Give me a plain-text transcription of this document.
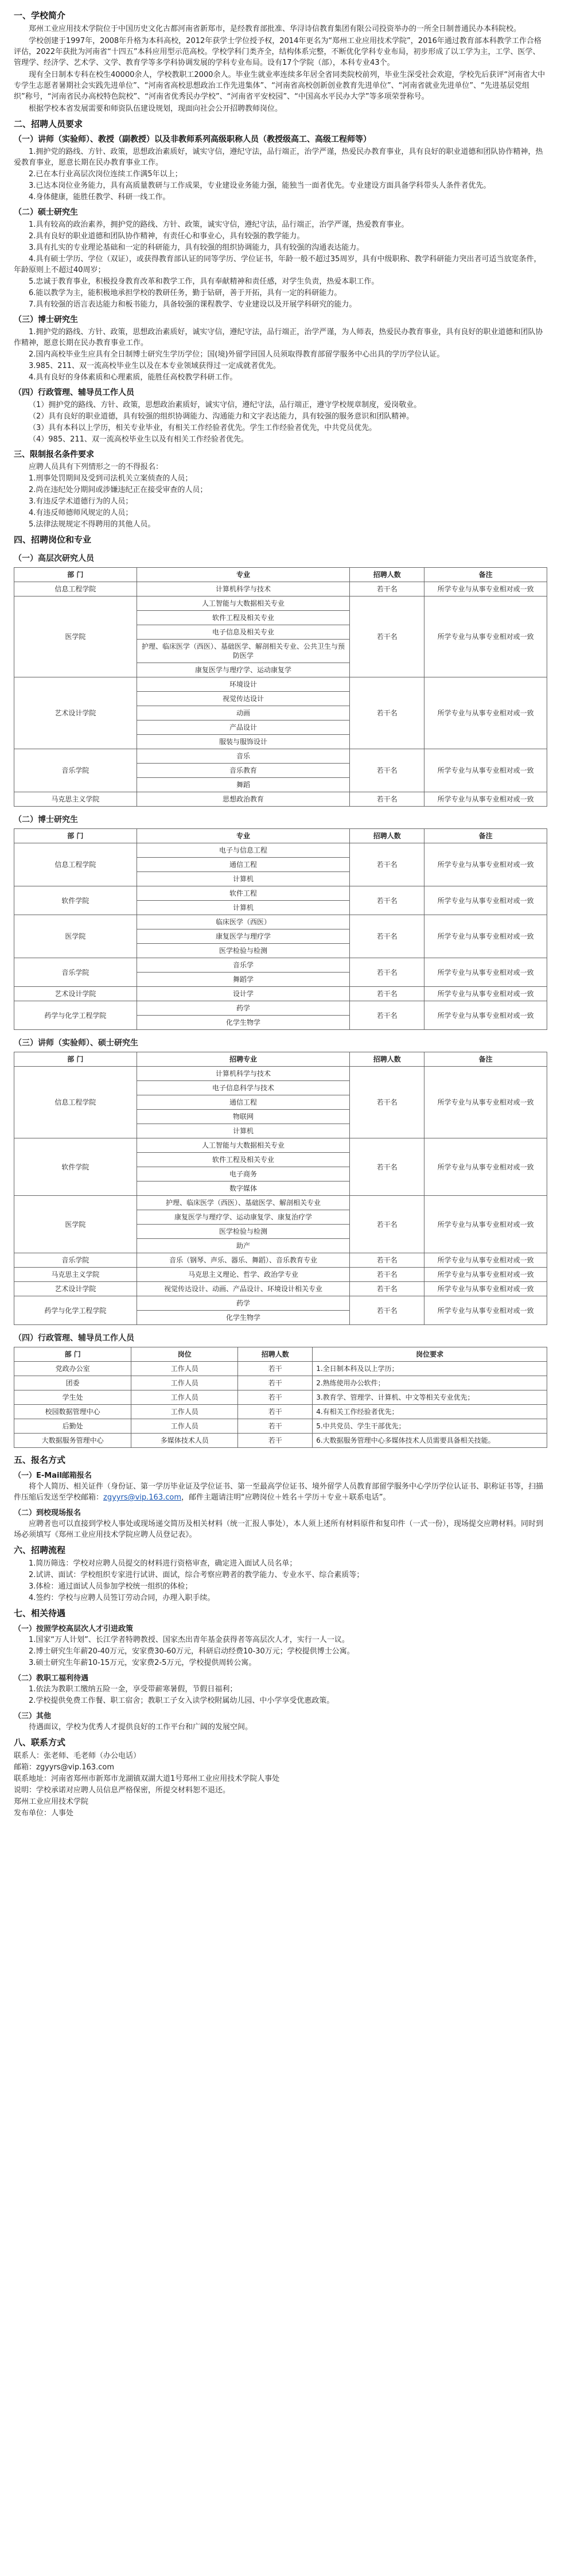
一、学校简介

郑州工业应用技术学院位于中国历史文化古都河南省新郑市，是经教育部批准、华浔诗信教育集团有限公司投资举办的一所全日制普通民办本科院校。

学校创建于1997年，2008年升格为本科高校，2012年获学士学位授予权，2014年更名为“郑州工业应用技术学院”，2016年通过教育部本科教学工作合格评估，2022年获批为河南省“十四五”本科应用型示范高校。学校学科门类齐全，结构体系完整，不断优化学科专业布局，初步形成了以工学为主，工学、医学、管理学、经济学、艺术学、文学、教育学等多学科协调发展的学科专业布局。设有17个学院（部），本科专业43个。

现有全日制本专科在校生40000余人，学校教职工2000余人。毕业生就业率连续多年居全省同类院校前列，毕业生深受社会欢迎，学校先后获评“河南省大中专学生志愿者暑期社会实践先进单位”、“河南省高校思想政治工作先进集体”、“河南省高校创新创业教育先进单位”、“河南省就业先进单位”、“先进基层党组织”称号，“河南省民办高校特色院校”、“河南省优秀民办学校”、“河南省平安校园”、“中国高水平民办大学”等多项荣誉称号。

根据学校本省发展需要和师资队伍建设规划，现面向社会公开招聘教师岗位。

二、招聘人员要求
（一）讲师（实验师）、教授（副教授）以及非教师系列高级职称人员（教授级高工、高级工程师等）

1.拥护党的路线、方针、政策，思想政治素质好，诚实守信，遵纪守法，品行端正，治学严谨，热爱民办教育事业，具有良好的职业道德和团队协作精神，热爱教育事业，愿意长期在民办教育事业工作。

2.已在本行业高层次岗位连续工作满5年以上；

3.已达本岗位业务能力，具有高质量教研与工作成果，专业建设业务能力强，能独当一面者优先。专业建设方面具备学科带头人条件者优先。

4.身体健康，能胜任教学、科研一线工作。

（二）硕士研究生

1.具有较高的政治素养，拥护党的路线、方针、政策，诚实守信，遵纪守法，品行端正，治学严谨，热爱教育事业。

2.具有良好的职业道德和团队协作精神，有责任心和事业心，具有较强的教学能力。

3.具有扎实的专业理论基础和一定的科研能力，具有较强的组织协调能力，具有较强的沟通表达能力。

4.具有硕士学历、学位（双证），或获得教育部认证的同等学历、学位证书，年龄一般不超过35周岁，具有中级职称、教学科研能力突出者可适当放宽条件，年龄原则上不超过40周岁；

5.忠诚于教育事业，积极投身教育改革和教学工作，具有奉献精神和责任感，对学生负责，热爱本职工作。

6.能以教学为主，能积极地承担学校的教研任务，勤于钻研，善于开拓，具有一定的科研能力。

7.具有较强的语言表达能力和板书能力，具备较强的课程教学、专业建设以及开展学科研究的能力。

（三）博士研究生

1.拥护党的路线、方针、政策，思想政治素质好，诚实守信，遵纪守法，品行端正，治学严谨，为人师表，热爱民办教育事业，具有良好的职业道德和团队协作精神，愿意长期在民办教育事业工作。

2.国内高校毕业生应具有全日制博士研究生学历学位；国(境)外留学回国人员须取得教育部留学服务中心出具的学历学位认证。

3.985、211、双一流高校毕业生以及在本专业领域获得过一定成就者优先。

4.具有良好的身体素质和心理素质，能胜任高校教学科研工作。

（四）行政管理、辅导员工作人员

（1）拥护党的路线、方针、政策，思想政治素质好，诚实守信，遵纪守法，品行端正，遵守学校规章制度，爱岗敬业。

（2）具有良好的职业道德，具有较强的组织协调能力、沟通能力和文字表达能力，具有较强的服务意识和团队精神。

（3）具有本科以上学历，相关专业毕业，有相关工作经验者优先。学生工作经验者优先，中共党员优先。

（4）985、211、双一流高校毕业生以及有相关工作经验者优先。

三、限制报名条件要求

应聘人员具有下列情形之一的不得报名：

1.刑事处罚期间及受到司法机关立案侦查的人员；

2.尚在违纪处分期间或涉嫌违纪正在接受审查的人员；

3.有违反学术道德行为的人员；

4.有违反师德师风规定的人员；

5.法律法规规定不得聘用的其他人员。

四、招聘岗位和专业
（一）高层次研究人员
部 门	专业	招聘人数	备注
信息工程学院	计算机科学与技术	若干名	所学专业与从事专业相对或一致
医学院	人工智能与大数据相关专业	若干名	所学专业与从事专业相对或一致
	软件工程及相关专业		
	电子信息及相关专业		
	护理、临床医学（西医）、基础医学、解剖相关专业、公共卫生与预防医学		
	康复医学与理疗学、运动康复学		
艺术设计学院	环境设计	若干名	所学专业与从事专业相对或一致
	视觉传达设计		
	动画		
	产品设计		
	服装与服饰设计		
音乐学院	音乐	若干名	所学专业与从事专业相对或一致
	音乐教育		
	舞蹈		
马克思主义学院	思想政治教育	若干名	所学专业与从事专业相对或一致
（二）博士研究生
部 门	专业	招聘人数	备注
信息工程学院	电子与信息工程	若干名	所学专业与从事专业相对或一致
	通信工程		
	计算机		
软件学院	软件工程	若干名	所学专业与从事专业相对或一致
	计算机		
医学院	临床医学（西医）	若干名	所学专业与从事专业相对或一致
	康复医学与理疗学		
	医学检验与检测		
音乐学院	音乐学	若干名	所学专业与从事专业相对或一致
	舞蹈学		
艺术设计学院	设计学	若干名	所学专业与从事专业相对或一致
药学与化学工程学院	药学	若干名	所学专业与从事专业相对或一致
	化学生物学		
（三）讲师（实验师）、硕士研究生
部 门	招聘专业	招聘人数	备注
信息工程学院	计算机科学与技术	若干名	所学专业与从事专业相对或一致
	电子信息科学与技术		
	通信工程		
	物联网		
	计算机		
软件学院	人工智能与大数据相关专业	若干名	所学专业与从事专业相对或一致
	软件工程及相关专业		
	电子商务		
	数字媒体		
医学院	护理、临床医学（西医）、基础医学、解剖相关专业	若干名	所学专业与从事专业相对或一致
	康复医学与理疗学、运动康复学、康复治疗学		
	医学检验与检测		
	助产		
音乐学院	音乐（钢琴、声乐、器乐、舞蹈）、音乐教育专业	若干名	所学专业与从事专业相对或一致
马克思主义学院	马克思主义理论、哲学、政治学专业	若干名	所学专业与从事专业相对或一致
艺术设计学院	视觉传达设计、动画、产品设计、环境设计相关专业	若干名	所学专业与从事专业相对或一致
药学与化学工程学院	药学	若干名	所学专业与从事专业相对或一致
	化学生物学		
（四）行政管理、辅导员工作人员
部 门	岗位	招聘人数	岗位要求
党政办公室	工作人员	若干	1.全日制本科及以上学历；
团委	工作人员	若干	2.熟练使用办公软件；
学生处	工作人员	若干	3.教育学、管理学、计算机、中文等相关专业优先；
校园数据管理中心	工作人员	若干	4.有相关工作经验者优先；
后勤处	工作人员	若干	5.中共党员、学生干部优先；
大数据服务管理中心	多媒体技术人员	若干	6.大数据服务管理中心多媒体技术人员需要具备相关技能。
五、报名方式
（一）E-Mail邮箱报名

将个人简历、相关证件（身份证、第一学历毕业证及学位证书、第一至最高学位证书、境外留学人员教育部留学服务中心学历学位认证书、职称证书等，扫描件压缩后发送至学校邮箱：zgyyrs@vip.163.com，邮件主题请注明“应聘岗位＋姓名＋学历＋专业＋联系电话”。

（二）到校现场报名

应聘者也可以直接到学校人事处或现场递交简历及相关材料（统一汇报人事处），本人须上述所有材料原件和复印件（一式一份），现场提交应聘材料。同时到场必须填写《郑州工业应用技术学院应聘人员登记表》。

六、招聘流程

1.简历筛选：学校对应聘人员提交的材料进行资格审查，确定进入面试人员名单；

2.试讲、面试：学校组织专家进行试讲、面试，综合考察应聘者的教学能力、专业水平、综合素质等；

3.体检：通过面试人员参加学校统一组织的体检；

4.签约：学校与应聘人员签订劳动合同，办理入职手续。

七、相关待遇
（一）按照学校高层次人才引进政策

1.国家“万人计划”、长江学者特聘教授、国家杰出青年基金获得者等高层次人才，实行一人一议。

2.博士研究生年薪20-40万元，安家费30-60万元，科研启动经费10-30万元；学校提供博士公寓。

3.硕士研究生年薪10-15万元，安家费2-5万元，学校提供周转公寓。

（二）教职工福利待遇

1.依法为教职工缴纳五险一金，享受带薪寒暑假，节假日福利；

2.学校提供免费工作餐、职工宿舍；教职工子女入读学校附属幼儿园、中小学享受优惠政策。

（三）其他

待遇面议，学校为优秀人才提供良好的工作平台和广阔的发展空间。

八、联系方式

联系人：张老师、毛老师（办公电话）

邮箱：zgyyrs@vip.163.com

联系地址：河南省郑州市新郑市龙湖镇双湖大道1号郑州工业应用技术学院人事处

说明：学校承诺对应聘人员信息严格保密，所提交材料恕不退还。

郑州工业应用技术学院

发布单位：人事处
